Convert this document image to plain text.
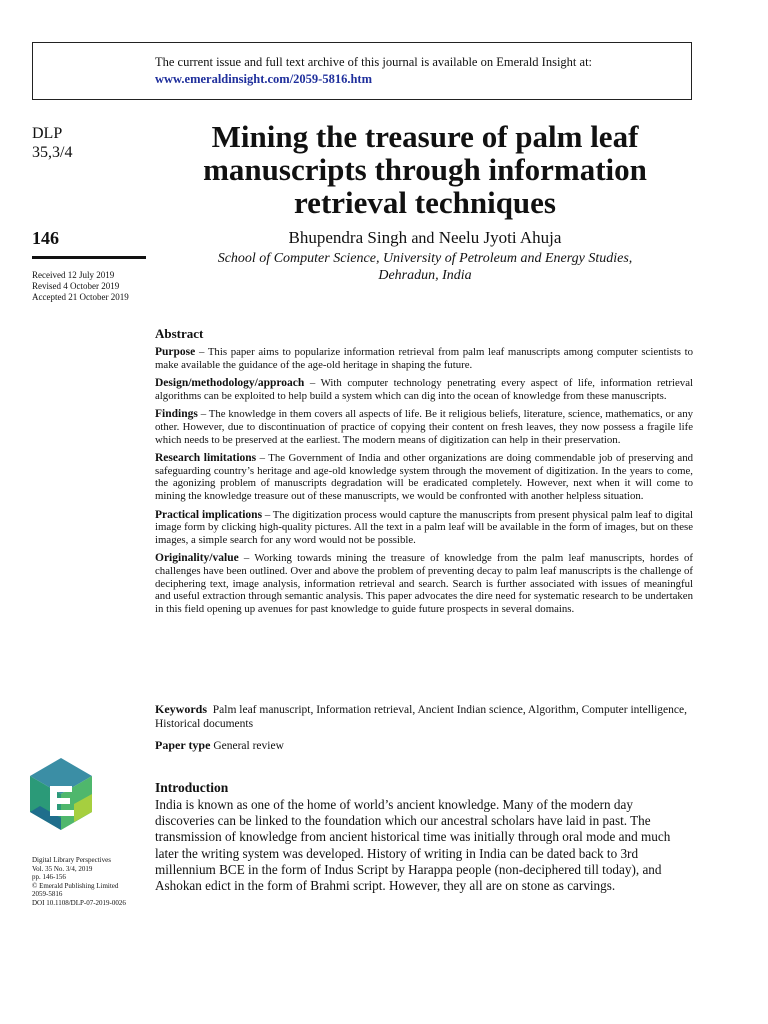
The current issue and full text archive of this journal is available on Emerald Insight at:
www.emeraldinsight.com/2059-5816.htm
DLP
35,3/4
146
Received 12 July 2019
Revised 4 October 2019
Accepted 21 October 2019
Mining the treasure of palm leaf
manuscripts through information
retrieval techniques
Bhupendra Singh and Neelu Jyoti Ahuja
School of Computer Science, University of Petroleum and Energy Studies,
Dehradun, India
Abstract

Purpose – This paper aims to popularize information retrieval from palm leaf manuscripts among computer scientists to make available the guidance of the age-old heritage in shaping the future.

Design/methodology/approach – With computer technology penetrating every aspect of life, information retrieval algorithms can be exploited to help build a system which can dig into the ocean of knowledge from these manuscripts.

Findings – The knowledge in them covers all aspects of life. Be it religious beliefs, literature, science, mathematics, or any other. However, due to discontinuation of practice of copying their content on fresh leaves, they now possess a fragile life which needs to be preserved at the earliest. The modern means of digitization can help in their preservation.

Research limitations – The Government of India and other organizations are doing commendable job of preserving and safeguarding country’s heritage and age-old knowledge system through the movement of digitization. In the years to come, the agonizing problem of manuscripts degradation will be eradicated completely. However, next when it will come to mining the knowledge treasure out of these manuscripts, we would be confronted with another helpless situation.

Practical implications – The digitization process would capture the manuscripts from present physical palm leaf to digital image form by clicking high-quality pictures. All the text in a palm leaf will be available in the form of images, but on these images, a simple search for any word would not be possible.

Originality/value – Working towards mining the treasure of knowledge from the palm leaf manuscripts, hordes of challenges have been outlined. Over and above the problem of preventing decay to palm leaf manuscripts is the challenge of deciphering text, image analysis, information retrieval and search. Search is further associated with issues of meaningful and useful extraction through semantic analysis. This paper advocates the dire need for systematic research to be undertaken in this field opening up avenues for past knowledge to guide future prospects in several domains.

Keywords Palm leaf manuscript, Information retrieval, Ancient Indian science, Algorithm, Computer intelligence, Historical documents
Paper type General review
Introduction

India is known as one of the home of world’s ancient knowledge. Many of the modern day discoveries can be linked to the foundation which our ancestral scholars have laid in past. The transmission of knowledge from ancient historical time was initially through oral mode and much later the writing system was developed. History of writing in India can be dated back to 3rd millennium BCE in the form of Indus Script by Harappa people (non-deciphered till today), and Ashokan edict in the form of Brahmi script. However, they all are on stone as carvings.

Digital Library Perspectives
Vol. 35 No. 3/4, 2019
pp. 146-156
© Emerald Publishing Limited
2059-5816
DOI 10.1108/DLP-07-2019-0026
